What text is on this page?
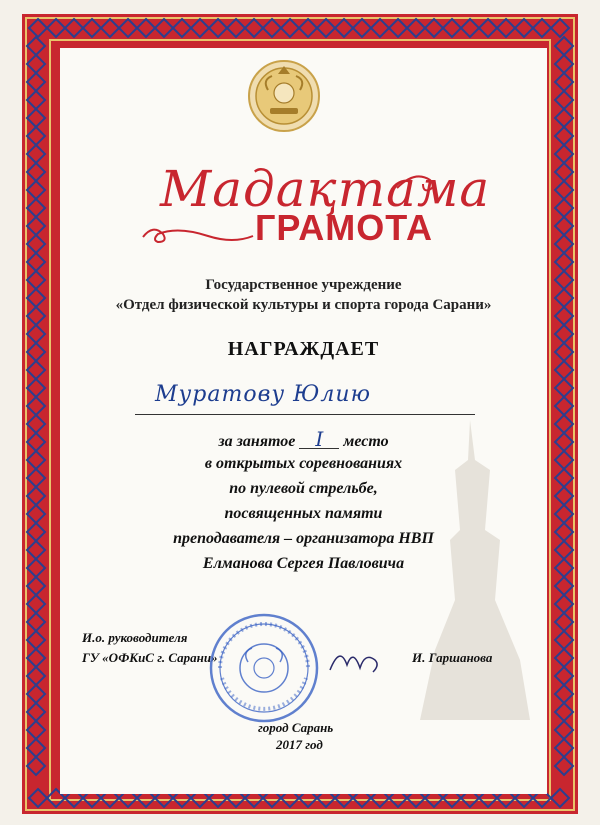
Мадақтама
ГРАМОТА
Государственное учреждение
«Отдел физической культуры и спорта города Сарани»
НАГРАЖДАЕТ
Муратову Юлию
за занятое I место
в открытых соревнованиях
по пулевой стрельбе,
посвященных памяти
преподавателя – организатора НВП
Елманова Сергея Павловича
И.о. руководителя
ГУ «ОФКиС г. Сарани»	И. Гаршанова
город Сарань
2017 год
